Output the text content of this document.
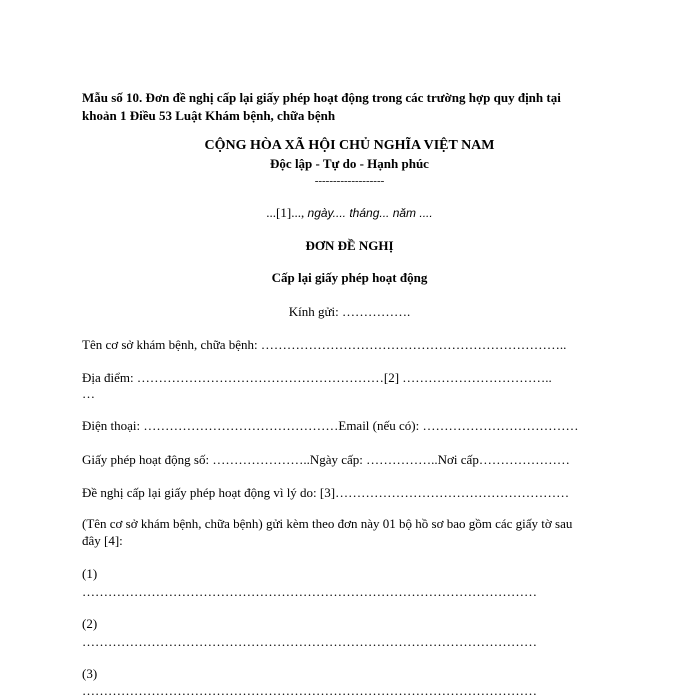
Mẫu số 10. Đơn đề nghị cấp lại giấy phép hoạt động trong các trường hợp quy định tại
khoản 1 Điều 53 Luật Khám bệnh, chữa bệnh
CỘNG HÒA XÃ HỘI CHỦ NGHĨA VIỆT NAM
Độc lập - Tự do - Hạnh phúc
-------------------
...[1]..., ngày.... tháng... năm ....
ĐƠN ĐỀ NGHỊ
Cấp lại giấy phép hoạt động
Kính gửi: …………….
Tên cơ sở khám bệnh, chữa bệnh: ……………………………………………………………..
Địa điểm: …………………………………………………[2] ……………………………..
…
Điện thoại: ………………………………………Email (nếu có): ………………………………
Giấy phép hoạt động số: …………………..Ngày cấp: ……………..Nơi cấp…………………
Đề nghị cấp lại giấy phép hoạt động vì lý do: [3]………………………………………………
(Tên cơ sở khám bệnh, chữa bệnh) gửi kèm theo đơn này 01 bộ hồ sơ bao gồm các giấy tờ sau
đây [4]:
(1)
……………………………………………………………………………………………
(2)
……………………………………………………………………………………………
(3)
……………………………………………………………………………………………
